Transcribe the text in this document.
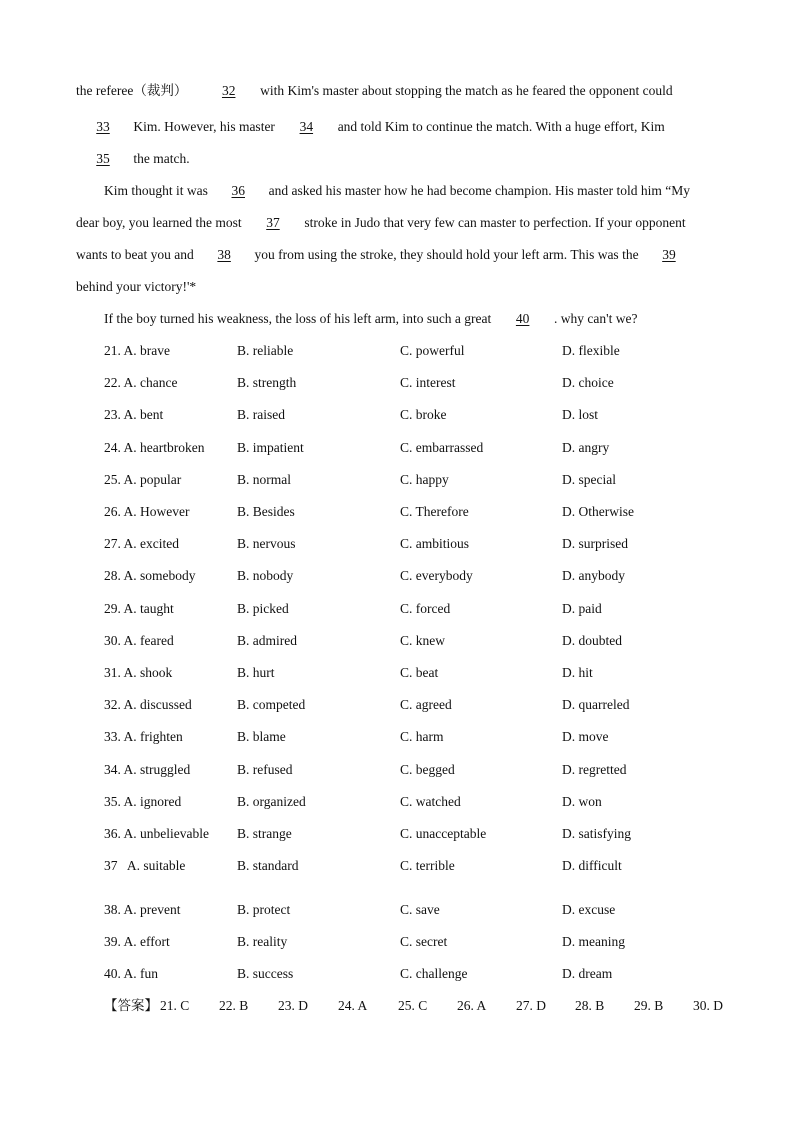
the referee（裁判）	32 with Kim's master about stopping the match as he feared the opponent could
33 Kim. However, his master 34 and told Kim to continue the match. With a huge effort, Kim
35 the match.
Kim thought it was 36 and asked his master how he had become champion. His master told him “My
dear boy, you learned the most 37 stroke in Judo that very few can master to perfection. If your opponent
wants to beat you and 38 you from using the stroke, they should hold your left arm. This was the 39
behind your victory!'*
If the boy turned his weakness, the loss of his left arm, into such a great 40 . why can't we?
21. A. brave	B. reliable	C. powerful	D. flexible
22. A. chance	B. strength	C. interest	D. choice
23. A. bent	B. raised	C. broke	D. lost
24. A. heartbroken B. impatient	C. embarrassed	D. angry
25. A. popular	B. normal	C. happy	D. special
26. A. However	B. Besides	C. Therefore	D. Otherwise
27. A. excited	B. nervous	C. ambitious	D. surprised
28. A. somebody	B. nobody	C. everybody	D. anybody
29. A. taught	B. picked	C. forced	D. paid
30. A. feared	B. admired	C. knew	D. doubted
31. A. shook	B. hurt	C. beat	D. hit
32. A. discussed	B. competed	C. agreed	D. quarreled
33. A. frighten	B. blame	C. harm	D. move
34. A. struggled	B. refused	C. begged	D. regretted
35. A. ignored	B. organized	C. watched	D. won
36. A. unbelievable B. strange	C. unacceptable	D. satisfying
37   A. suitable	B. standard	C. terrible	D. difficult
38. A. prevent	B. protect	C. save	D. excuse
39. A. effort	B. reality	C. secret	D. meaning
40. A. fun	B. success	C. challenge	D. dream
【答案】 21. C 22. B 23. D 24. A 25. C 26. A 27. D 28. B 29. B 30. D
